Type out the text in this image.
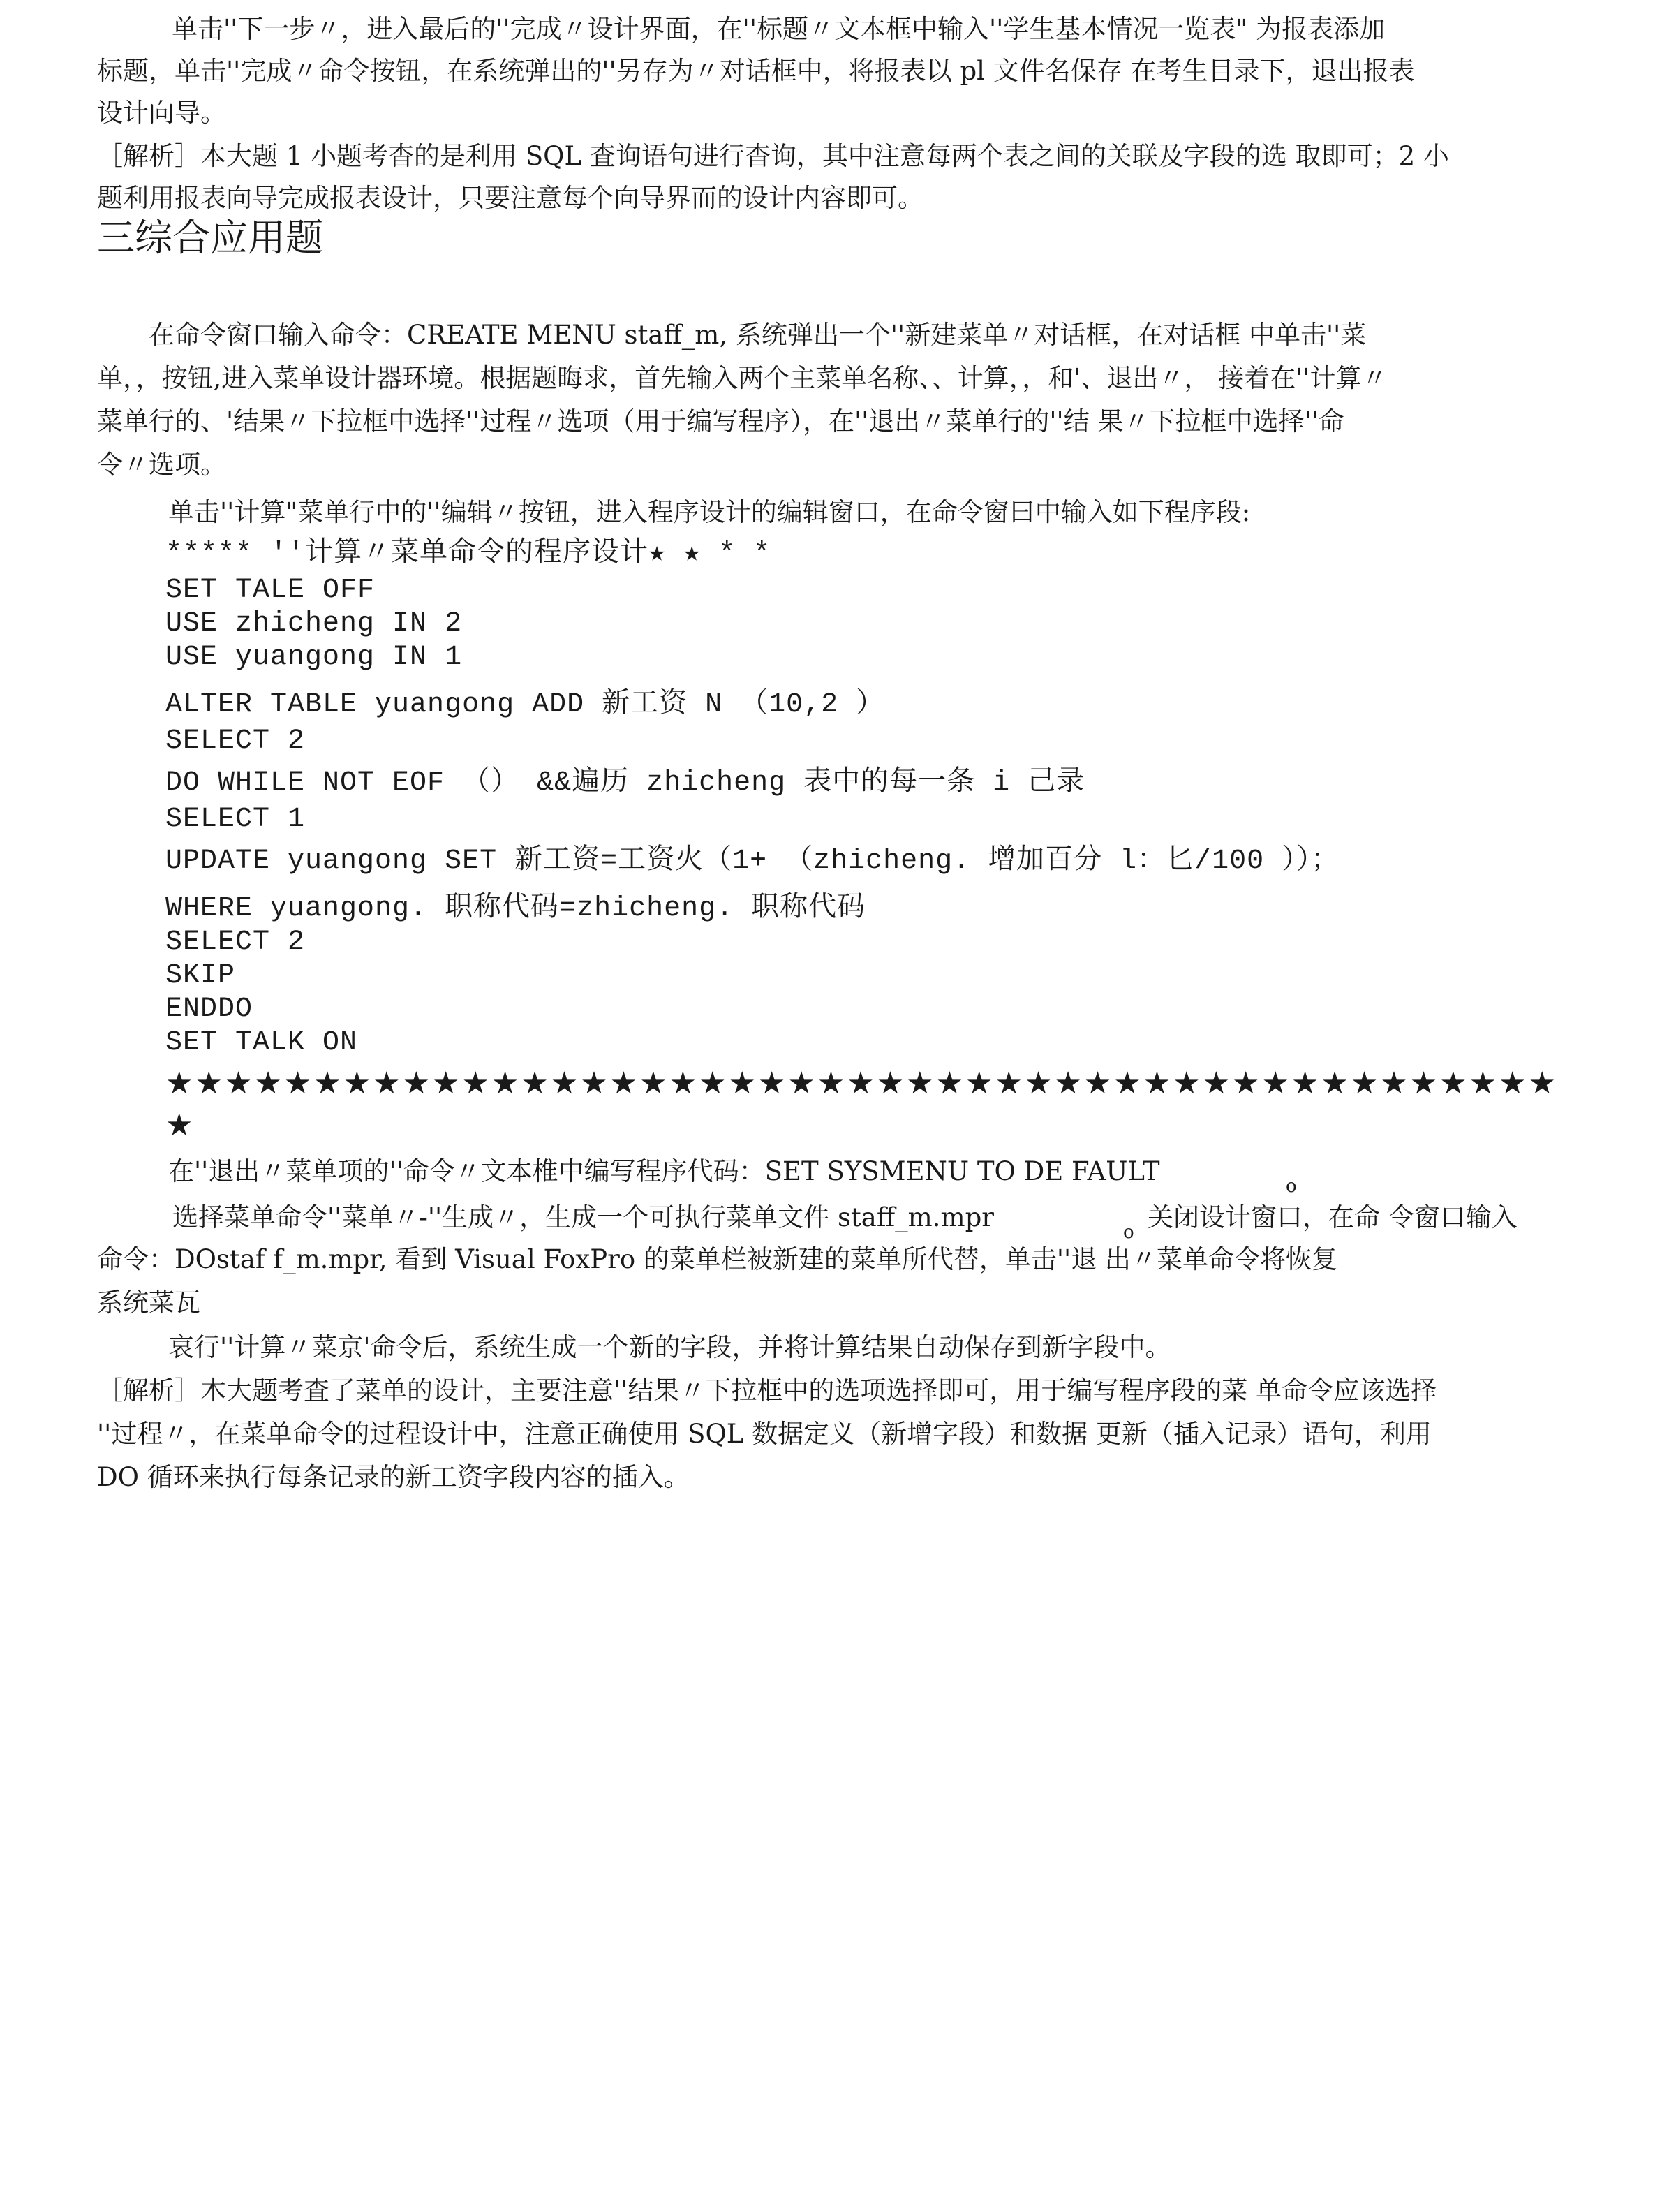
单击''下一步〃，进入最后的''完成〃设计界面，在''标题〃文本框中输入''学生基本情况一览表" 为报表添加
标题，单击''完成〃命令按钮，在系统弹出的''另存为〃对话框中，将报表以 pl 文件名保存 在考生目录下，退出报表
设计向导。
［解析］本大题 1 小题考杳的是利用 SQL 査询语句进行杳询，其中注意每两个表之间的关联及字段的选 取即可；2 小
题利用报表向导完成报表设计，只要注意每个向导界而的设计内容即可。
三综合应用题
在命令窗口输入命令：CREATE MENU staff_m, 系统弹出一个''新建菜单〃对话框，在对话框 中单击''菜
单，，按钮,进入菜单设计器环境。根据题晦求，首先输入两个主菜单名称、、计算，，和'、退出〃， 接着在''计算〃
菜单行的、'结果〃下拉框中选择''过程〃选项（用于编写程序），在''退出〃菜单行的''结 果〃下拉框中选择''命
令〃选项。
单击''计算"菜单行中的''编辑〃按钮，进入程序设计的编辑窗口，在命令窗曰中输入如下程序段:
***** ''计算〃菜单命令的程序设计★ ★ * *
SET TALE OFF
USE zhicheng IN 2
USE yuangong IN 1
ALTER TABLE yuangong ADD 新工资 N （10,2 ）
SELECT 2
DO WHILE NOT EOF （） &&遍历 zhicheng 表中的每一条 i 己录
SELECT 1
UPDATE yuangong SET 新工资=工资火（1+ （zhicheng. 增加百分 l：匕/100 ））；
WHERE yuangong. 职称代码=zhicheng. 职称代码
SELECT 2
SKIP
ENDDO
SET TALK ON
★★★★★★★★★★★★★★★★★★★★★★★★★★★★★★★★★★★★★★★★★★★★★★★★
o
在''退出〃菜单项的''命令〃文本椎中编写程序代码：SET SYSMENU TO DE FAULT
选择菜单命令''菜单〃-''生成〃，生成一个可执行菜单文件 staff_m.mpr	o 关闭设计窗口，在命 令窗口输入
命令：DOstaf f_m.mpr, 看到 Visual FoxPro 的菜单栏被新建的菜单所代替，单击''退 出〃菜单命令将恢复
系统菜瓦
哀行''计算〃菜京'命令后，系统生成一个新的字段，并将计算结果自动保存到新字段中。
［解析］木大题考査了菜单的设计，主要注意''结果〃下拉框中的选项选择即可，用于编写程序段的菜 单命令应该选择
''过程〃，在菜单命令的过程设计中，注意正确使用 SQL 数据定义（新增字段）和数据 更新（插入记录）语句，利用
DO 循环来执行每条记录的新工资字段内容的插入。
